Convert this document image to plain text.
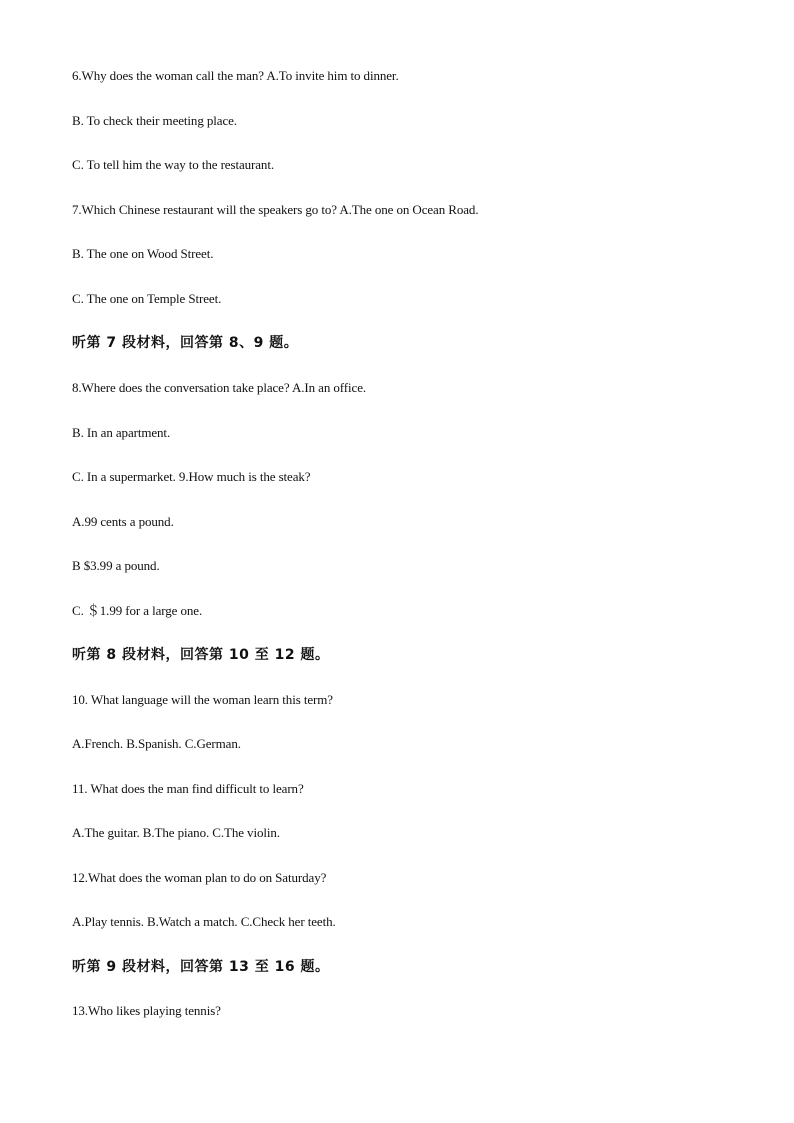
6.Why does the woman call the man? A.To invite him to dinner.
B. To check their meeting place.
C. To tell him the way to the restaurant.
7.Which Chinese restaurant will the speakers go to? A.The one on Ocean Road.
B. The one on Wood Street.
C. The one on Temple Street.
听第 7 段材料，回答第 8、9 题。
8.Where does the conversation take place? A.In an office.
B. In an apartment.
C. In a supermarket. 9.How much is the steak?
A.99 cents a pound.
B $3.99 a pound.
C. ＄1.99 for a large one.
听第 8 段材料，回答第 10 至 12 题。
10. What language will the woman learn this term?
A.French. B.Spanish. C.German.
11. What does the man find difficult to learn?
A.The guitar. B.The piano. C.The violin.
12.What does the woman plan to do on Saturday?
A.Play tennis. B.Watch a match. C.Check her teeth.
听第 9 段材料，回答第 13 至 16 题。
13.Who likes playing tennis?
